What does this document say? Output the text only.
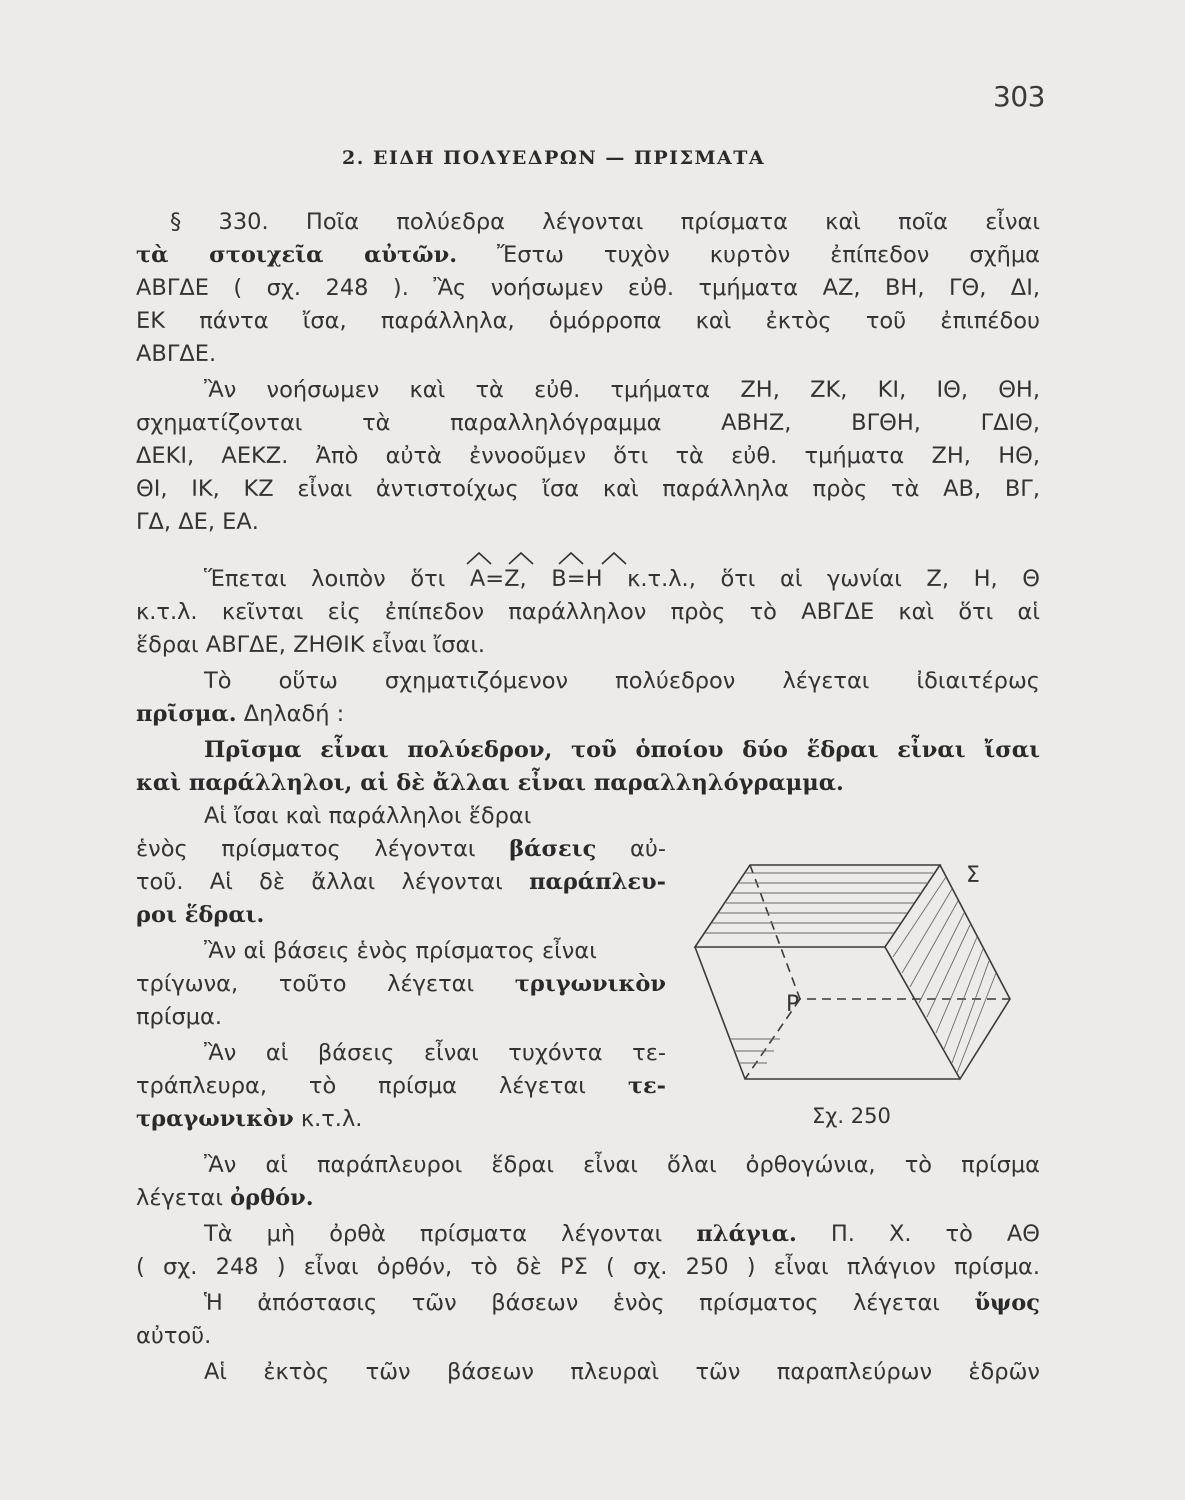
303
2. ΕΙΔΗ ΠΟΛΥΕΔΡΩΝ — ΠΡΙΣΜΑΤΑ
§ 330. Ποῖα πολύεδρα λέγονται πρίσματα καὶ ποῖα εἶναι
τὰ στοιχεῖα αὐτῶν. Ἔστω τυχὸν κυρτὸν ἐπίπεδον σχῆμα
ΑΒΓΔΕ ( σχ. 248 ). Ἂς νοήσωμεν εὐθ. τμήματα ΑΖ, ΒΗ, ΓΘ, ΔΙ,
ΕΚ πάντα ἴσα, παράλληλα, ὁμόρροπα καὶ ἐκτὸς τοῦ ἐπιπέδου
ΑΒΓΔΕ.
Ἂν νοήσωμεν καὶ τὰ εὐθ. τμήματα ΖΗ, ΖΚ, ΚΙ, ΙΘ, ΘΗ,
σχηματίζονται τὰ παραλληλόγραμμα ΑΒΗΖ, ΒΓΘΗ, ΓΔΙΘ,
ΔΕΚΙ, ΑΕΚΖ. Ἀπὸ αὐτὰ ἐννοοῦμεν ὅτι τὰ εὐθ. τμήματα ΖΗ, ΗΘ,
ΘΙ, ΙΚ, ΚΖ εἶναι ἀντιστοίχως ἴσα καὶ παράλληλα πρὸς τὰ ΑΒ, ΒΓ,
ΓΔ, ΔΕ, ΕΑ.
Ἕπεται λοιπὸν ὅτι Α=Ζ, Β=Η κ.τ.λ., ὅτι αἱ γωνίαι Ζ, Η, Θ
κ.τ.λ. κεῖνται εἰς ἐπίπεδον παράλληλον πρὸς τὸ ΑΒΓΔΕ καὶ ὅτι αἱ
ἕδραι ΑΒΓΔΕ, ΖΗΘΙΚ εἶναι ἴσαι.
Τὸ οὕτω σχηματιζόμενον πολύεδρον λέγεται ἰδιαιτέρως
πρῖσμα. Δηλαδή :
Πρῖσμα εἶναι πολύεδρον, τοῦ ὁποίου δύο ἕδραι εἶναι ἴσαι
καὶ παράλληλοι, αἱ δὲ ἄλλαι εἶναι παραλληλόγραμμα.
Αἱ ἴσαι καὶ παράλληλοι ἕδραι
ἑνὸς πρίσματος λέγονται βάσεις αὐ-
τοῦ. Αἱ δὲ ἄλλαι λέγονται παράπλευ-
ροι ἕδραι.
Ἂν αἱ βάσεις ἑνὸς πρίσματος εἶναι
τρίγωνα, τοῦτο λέγεται τριγωνικὸν
πρίσμα.
Ἂν αἱ βάσεις εἶναι τυχόντα τε-
τράπλευρα, τὸ πρίσμα λέγεται τε-
τραγωνικὸν κ.τ.λ.
Σ
Ρ
Σχ. 250
Ἂν αἱ παράπλευροι ἕδραι εἶναι ὅλαι ὀρθογώνια, τὸ πρίσμα
λέγεται ὀρθόν.
Τὰ μὴ ὀρθὰ πρίσματα λέγονται πλάγια. Π. Χ. τὸ ΑΘ
( σχ. 248 ) εἶναι ὀρθόν, τὸ δὲ ΡΣ ( σχ. 250 ) εἶναι πλάγιον πρίσμα.
Ἡ ἀπόστασις τῶν βάσεων ἑνὸς πρίσματος λέγεται ὕψος
αὐτοῦ.
Αἱ ἐκτὸς τῶν βάσεων πλευραὶ τῶν παραπλεύρων ἑδρῶν
